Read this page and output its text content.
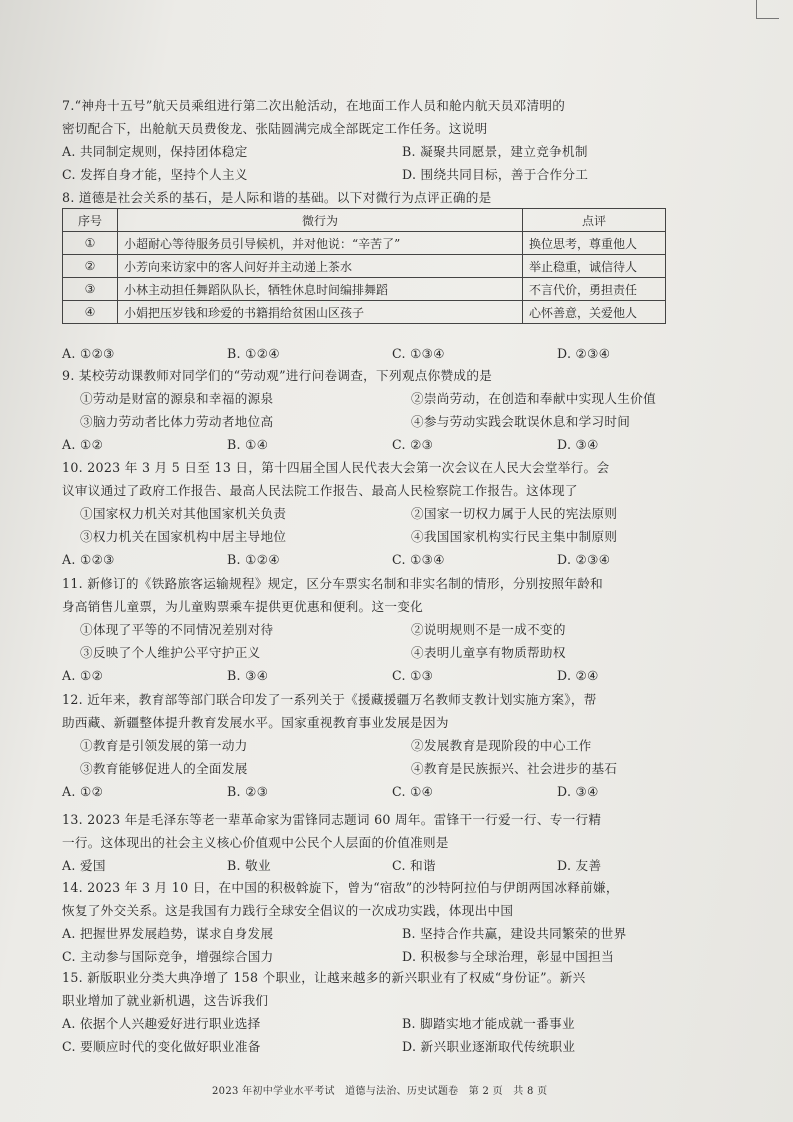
7.“神舟十五号”航天员乘组进行第二次出舱活动，在地面工作人员和舱内航天员邓清明的
密切配合下，出舱航天员费俊龙、张陆圆满完成全部既定工作任务。这说明
A. 共同制定规则，保持团体稳定	B. 凝聚共同愿景，建立竞争机制
C. 发挥自身才能，坚持个人主义	D. 围绕共同目标，善于合作分工
8. 道德是社会关系的基石，是人际和谐的基础。以下对微行为点评正确的是
序号	微行为	点评
①	小超耐心等待服务员引导候机，并对他说：“辛苦了”	换位思考，尊重他人
②	小芳向来访家中的客人问好并主动递上茶水	举止稳重，诚信待人
③	小林主动担任舞蹈队队长，牺牲休息时间编排舞蹈	不言代价，勇担责任
④	小娟把压岁钱和珍爱的书籍捐给贫困山区孩子	心怀善意，关爱他人
A. ①②③	B. ①②④	C. ①③④	D. ②③④
9. 某校劳动课教师对同学们的“劳动观”进行问卷调查，下列观点你赞成的是
①劳动是财富的源泉和幸福的源泉	②崇尚劳动，在创造和奉献中实现人生价值
③脑力劳动者比体力劳动者地位高	④参与劳动实践会耽误休息和学习时间
A. ①②	B. ①④	C. ②③	D. ③④
10. 2023 年 3 月 5 日至 13 日，第十四届全国人民代表大会第一次会议在人民大会堂举行。会
议审议通过了政府工作报告、最高人民法院工作报告、最高人民检察院工作报告。这体现了
①国家权力机关对其他国家机关负责	②国家一切权力属于人民的宪法原则
③权力机关在国家机构中居主导地位	④我国国家机构实行民主集中制原则
A. ①②③	B. ①②④	C. ①③④	D. ②③④
11. 新修订的《铁路旅客运输规程》规定，区分车票实名制和非实名制的情形，分别按照年龄和
身高销售儿童票，为儿童购票乘车提供更优惠和便利。这一变化
①体现了平等的不同情况差别对待	②说明规则不是一成不变的
③反映了个人维护公平守护正义	④表明儿童享有物质帮助权
A. ①②	B. ③④	C. ①③	D. ②④
12. 近年来，教育部等部门联合印发了一系列关于《援藏援疆万名教师支教计划实施方案》，帮
助西藏、新疆整体提升教育发展水平。国家重视教育事业发展是因为
①教育是引领发展的第一动力	②发展教育是现阶段的中心工作
③教育能够促进人的全面发展	④教育是民族振兴、社会进步的基石
A. ①②	B. ②③	C. ①④	D. ③④
13. 2023 年是毛泽东等老一辈革命家为雷锋同志题词 60 周年。雷锋干一行爱一行、专一行精
一行。这体现出的社会主义核心价值观中公民个人层面的价值准则是
A. 爱国	B. 敬业	C. 和谐	D. 友善
14. 2023 年 3 月 10 日，在中国的积极斡旋下，曾为“宿敌”的沙特阿拉伯与伊朗两国冰释前嫌，
恢复了外交关系。这是我国有力践行全球安全倡议的一次成功实践，体现出中国
A. 把握世界发展趋势，谋求自身发展	B. 坚持合作共赢，建设共同繁荣的世界
C. 主动参与国际竞争，增强综合国力	D. 积极参与全球治理，彰显中国担当
15. 新版职业分类大典净增了 158 个职业，让越来越多的新兴职业有了权威“身份证”。新兴
职业增加了就业新机遇，这告诉我们
A. 依据个人兴趣爱好进行职业选择	B. 脚踏实地才能成就一番事业
C. 要顺应时代的变化做好职业准备	D. 新兴职业逐渐取代传统职业
2023 年初中学业水平考试　道德与法治、历史试题卷　第 2 页　共 8 页
